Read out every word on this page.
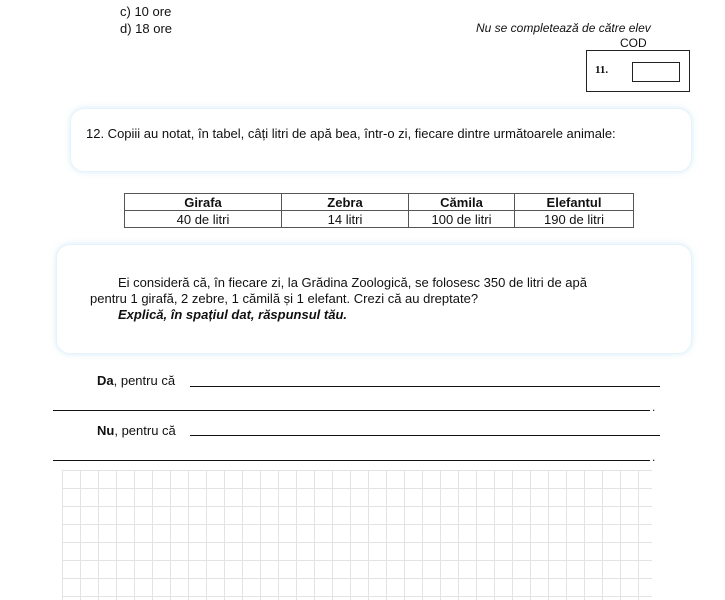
c) 10 ore
d) 18 ore	Nu se completează de către elev
COD
11.
12. Copiii au notat, în tabel, câți litri de apă bea, într-o zi, fiecare dintre următoarele animale:
Girafa	Zebra	Cămila	Elefantul
40 de litri	14 litri	100 de litri	190 de litri
Ei consideră că, în fiecare zi, la Grădina Zoologică, se folosesc 350 de litri de apă
pentru 1 girafă, 2 zebre, 1 cămilă și 1 elefant. Crezi că au dreptate?
Explică, în spațiul dat, răspunsul tău.
Da, pentru că
.
Nu, pentru că
.
